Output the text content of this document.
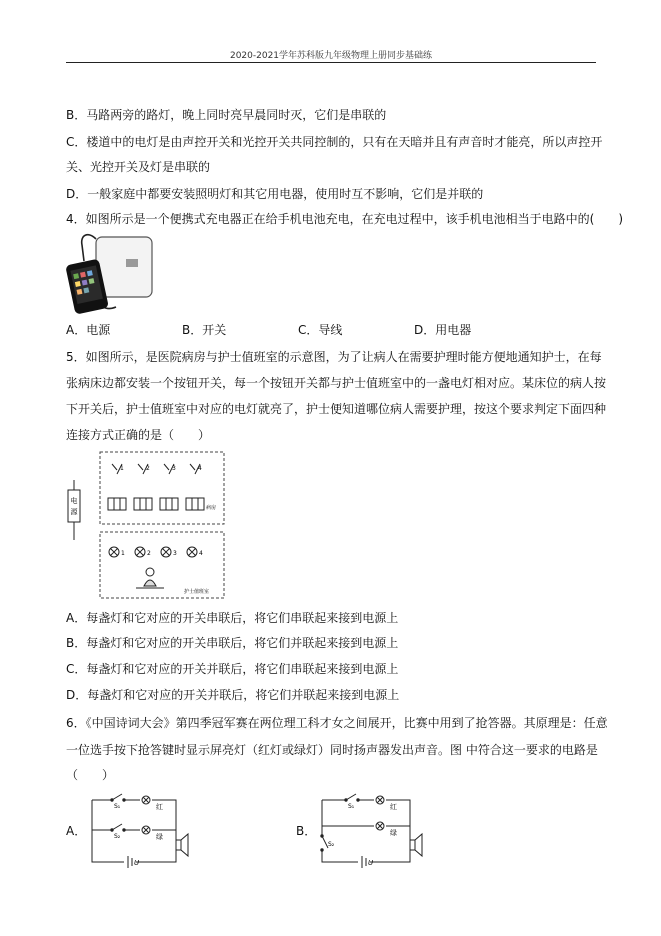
2020-2021学年苏科版九年级物理上册同步基础练
B．马路两旁的路灯，晚上同时亮早晨同时灭，它们是串联的
C．楼道中的电灯是由声控开关和光控开关共同控制的，只有在天暗并且有声音时才能亮，所以声控开
关、光控开关及灯是串联的
D．一般家庭中都要安装照明灯和其它用电器，使用时互不影响，它们是并联的
4．如图所示是一个便携式充电器正在给手机电池充电，在充电过程中，该手机电池相当于电路中的(　　)
A．电源	B．开关	C．导线	D．用电器
5．如图所示，是医院病房与护士值班室的示意图，为了让病人在需要护理时能方便地通知护士，在每
张病床边都安装一个按钮开关，每一个按钮开关都与护士值班室中的一盏电灯相对应。某床位的病人按
下开关后，护士值班室中对应的电灯就亮了，护士便知道哪位病人需要护理，按这个要求判定下面四种
连接方式正确的是（　　）
电
源
1	2	3	4
病房
1	2	3	4
护士值班室
A．每盏灯和它对应的开关串联后，将它们串联起来接到电源上
B．每盏灯和它对应的开关串联后，将它们并联起来接到电源上
C．每盏灯和它对应的开关并联后，将它们串联起来接到电源上
D．每盏灯和它对应的开关并联后，将它们并联起来接到电源上
6．《中国诗词大会》第四季冠军赛在两位理工科才女之间展开，比赛中用到了抢答器。其原理是：任意
一位选手按下抢答键时显示屏亮灯（红灯或绿灯）同时扬声器发出声音。图 中符合这一要求的电路是
（　　）
A．
S₁	红
S₂	绿
U
B．
S₁	红
S₂
绿
U
